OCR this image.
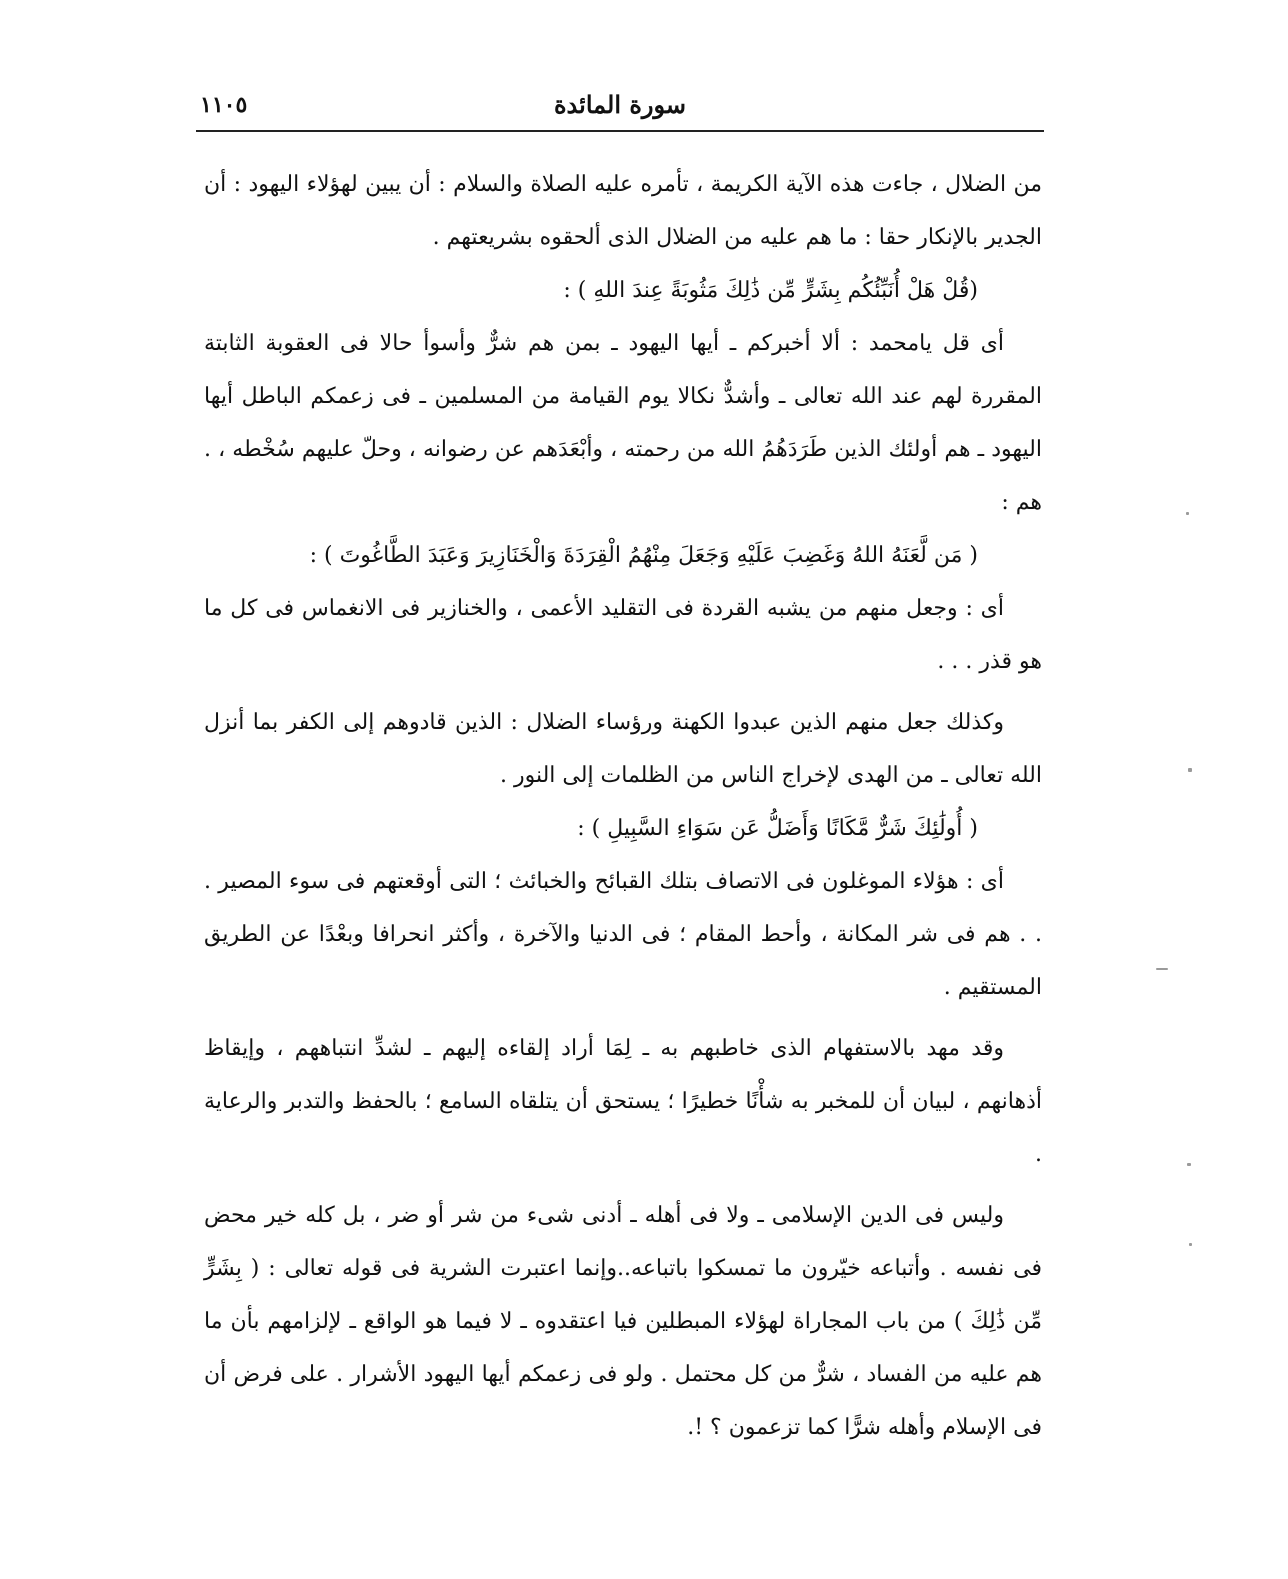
سورة المائدة
١١٠٥

من الضلال ، جاءت هذه الآية الكريمة ، تأمره عليه الصلاة والسلام : أن يبين لهؤلاء اليهود : أن الجدير بالإنكار حقا : ما هم عليه من الضلال الذى ألحقوه بشريعتهم .

(قُلْ هَلْ أُنَبِّئُكُم بِشَرٍّ مِّن ذَٰلِكَ مَثُوبَةً عِندَ اللهِ ) :

أى قل يامحمد : ألا أخبركم ـ أيها اليهود ـ بمن هم شرٌّ وأسوأ حالا فى العقوبة الثابتة المقررة لهم عند الله تعالى ـ وأشدٌّ نكالا يوم القيامة من المسلمين ـ فى زعمكم الباطل أيها اليهود ـ هم أولئك الذين طَرَدَهُمُ الله من رحمته ، وأبْعَدَهم عن رضوانه ، وحلّ عليهم سُخْطه ، . هم :

( مَن لَّعَنَهُ اللهُ وَغَضِبَ عَلَيْهِ وَجَعَلَ مِنْهُمُ الْقِرَدَةَ وَالْخَنَازِيرَ وَعَبَدَ الطَّاغُوتَ ) :

أى : وجعل منهم من يشبه القردة فى التقليد الأعمى ، والخنازير فى الانغماس فى كل ما هو قذر . . .

وكذلك جعل منهم الذين عبدوا الكهنة ورؤساء الضلال : الذين قادوهم إلى الكفر بما أنزل الله تعالى ـ من الهدى لإخراج الناس من الظلمات إلى النور .

( أُولَٰئِكَ شَرٌّ مَّكَانًا وَأَضَلُّ عَن سَوَاءِ السَّبِيلِ ) :

أى : هؤلاء الموغلون فى الاتصاف بتلك القبائح والخبائث ؛ التى أوقعتهم فى سوء المصير . . . هم فى شر المكانة ، وأحط المقام ؛ فى الدنيا والآخرة ، وأكثر انحرافا وبعْدًا عن الطريق المستقيم .

وقد مهد بالاستفهام الذى خاطبهم به ـ لِمَا أراد إلقاءه إليهم ـ لشدِّ انتباههم ، وإيقاظ أذهانهم ، لبيان أن للمخبر به شأْنًا خطيرًا ؛ يستحق أن يتلقاه السامع ؛ بالحفظ والتدبر والرعاية .

وليس فى الدين الإسلامى ـ ولا فى أهله ـ أدنى شىء من شر أو ضر ، بل كله خير محض فى نفسه . وأتباعه خيّرون ما تمسكوا باتباعه..وإنما اعتبرت الشرية فى قوله تعالى : ( بِشَرٍّ مِّن ذَٰلِكَ ) من باب المجاراة لهؤلاء المبطلين فيا اعتقدوه ـ لا فيما هو الواقع ـ لإلزامهم بأن ما هم عليه من الفساد ، شرٌّ من كل محتمل . ولو فى زعمكم أيها اليهود الأشرار . على فرض أن فى الإسلام وأهله شرًّا كما تزعمون ؟ !.
